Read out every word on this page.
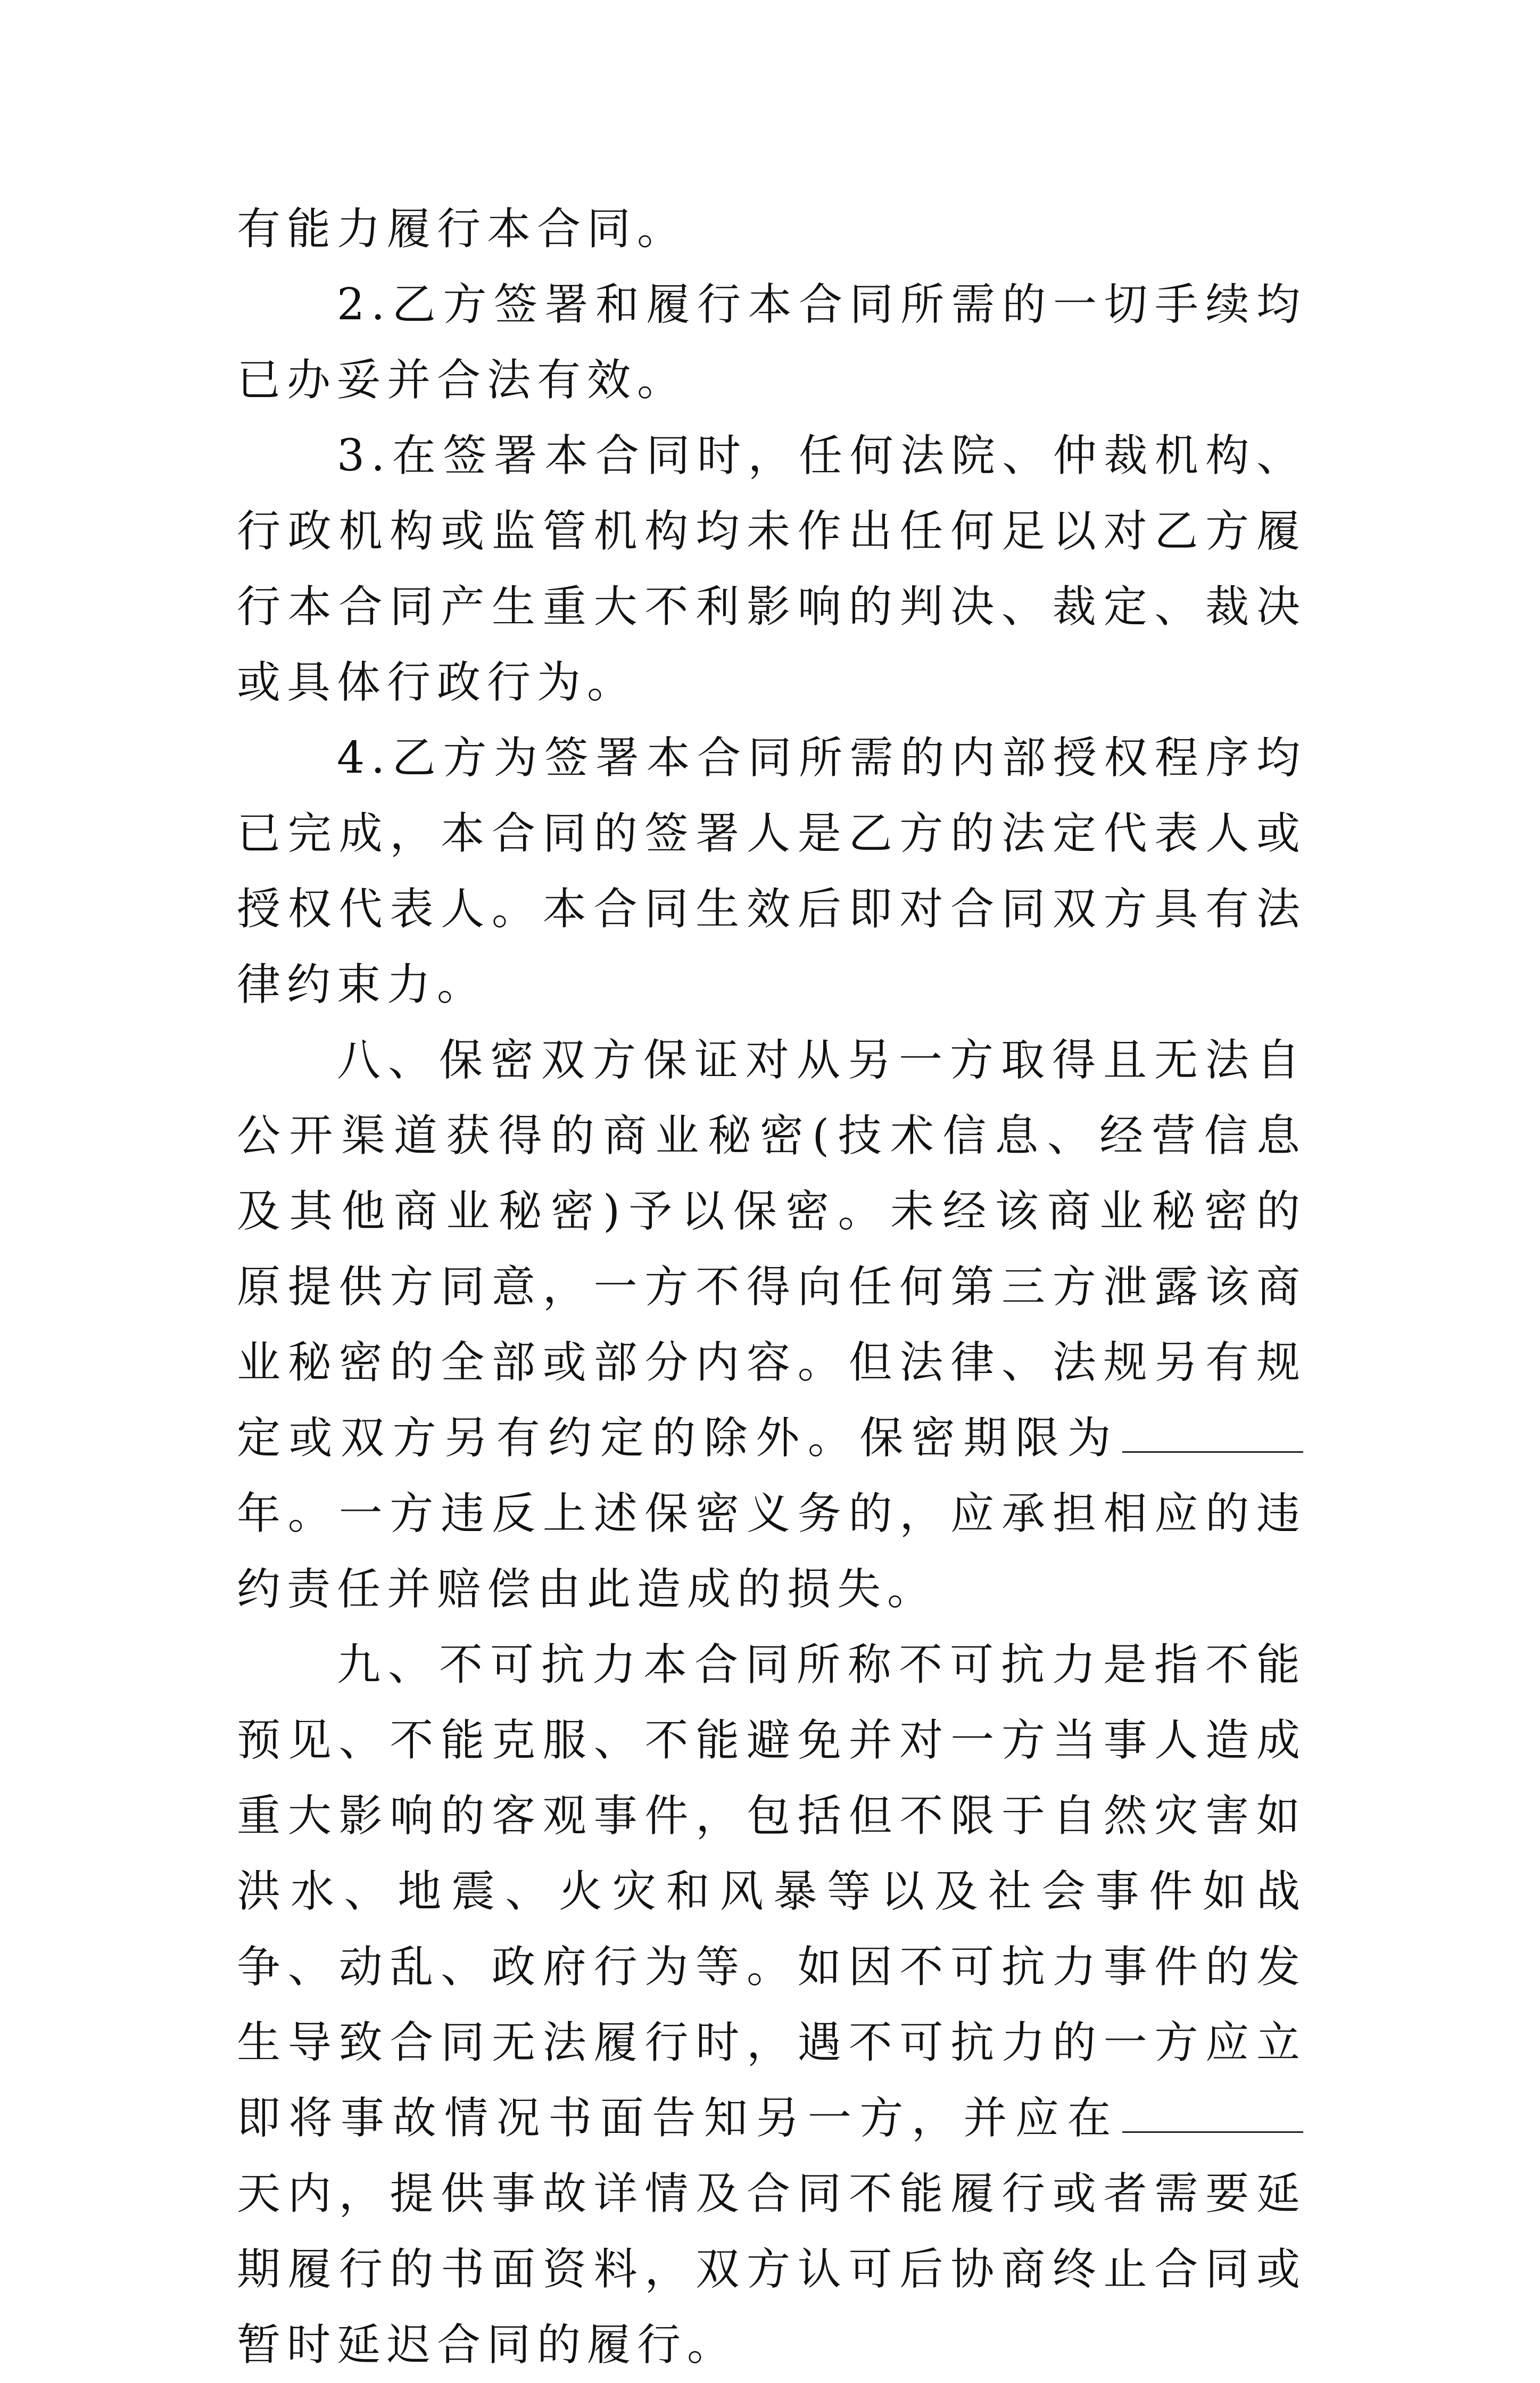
有能力履行本合同。

2.乙方签署和履行本合同所需的一切手续均已办妥并合法有效。

3.在签署本合同时，任何法院、仲裁机构、行政机构或监管机构均未作出任何足以对乙方履行本合同产生重大不利影响的判决、裁定、裁决或具体行政行为。

4.乙方为签署本合同所需的内部授权程序均已完成，本合同的签署人是乙方的法定代表人或授权代表人。本合同生效后即对合同双方具有法律约束力。

八、保密双方保证对从另一方取得且无法自公开渠道获得的商业秘密(技术信息、经营信息及其他商业秘密)予以保密。未经该商业秘密的原提供方同意，一方不得向任何第三方泄露该商业秘密的全部或部分内容。但法律、法规另有规定或双方另有约定的除外。保密期限为年。一方违反上述保密义务的，应承担相应的违约责任并赔偿由此造成的损失。

九、不可抗力本合同所称不可抗力是指不能预见、不能克服、不能避免并对一方当事人造成重大影响的客观事件，包括但不限于自然灾害如洪水、地震、火灾和风暴等以及社会事件如战争、动乱、政府行为等。如因不可抗力事件的发生导致合同无法履行时，遇不可抗力的一方应立即将事故情况书面告知另一方，并应在天内，提供事故详情及合同不能履行或者需要延期履行的书面资料，双方认可后协商终止合同或暂时延迟合同的履行。
